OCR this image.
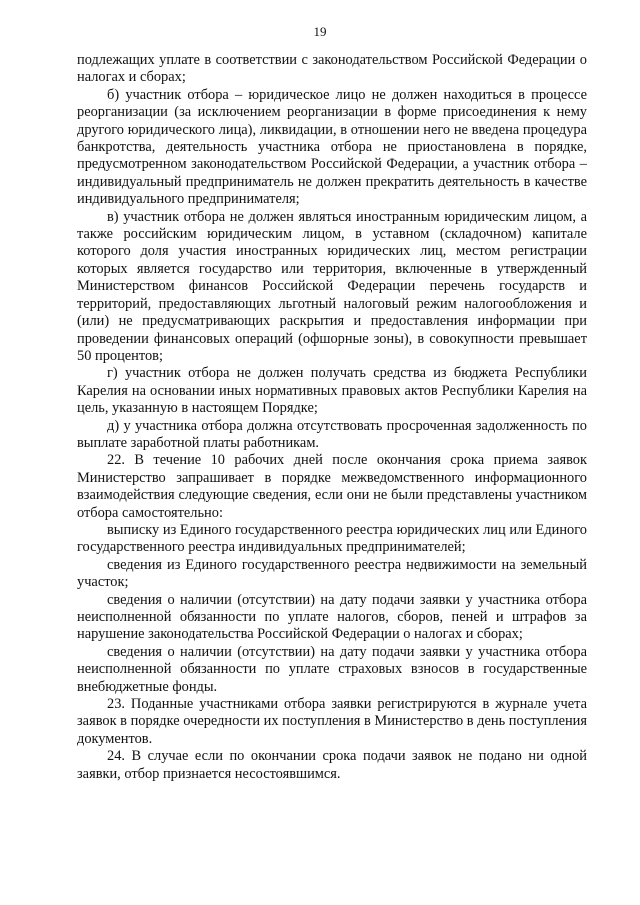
19

подлежащих уплате в соответствии с законодательством Российской Федерации о налогах и сборах;

б) участник отбора – юридическое лицо не должен находиться в процессе реорганизации (за исключением реорганизации в форме присоединения к нему другого юридического лица), ликвидации, в отношении него не введена процедура банкротства, деятельность участника отбора не приостановлена в порядке, предусмотренном законодательством Российской Федерации, а участник отбора – индивидуальный предприниматель не должен прекратить деятельность в качестве индивидуального предпринимателя;

в) участник отбора не должен являться иностранным юридическим лицом, а также российским юридическим лицом, в уставном (складочном) капитале которого доля участия иностранных юридических лиц, местом регистрации которых является государство или территория, включенные в утвержденный Министерством финансов Российской Федерации перечень государств и территорий, предоставляющих льготный налоговый режим налогообложения и (или) не предусматривающих раскрытия и предоставления информации при проведении финансовых операций (офшорные зоны), в совокупности превышает 50 процентов;

г) участник отбора не должен получать средства из бюджета Республики Карелия на основании иных нормативных правовых актов Республики Карелия на цель, указанную в настоящем Порядке;

д) у участника отбора должна отсутствовать просроченная задолженность по выплате заработной платы работникам.

22. В течение 10 рабочих дней после окончания срока приема заявок Министерство запрашивает в порядке межведомственного информационного взаимодействия следующие сведения, если они не были представлены участником отбора самостоятельно:

выписку из Единого государственного реестра юридических лиц или Единого государственного реестра индивидуальных предпринимателей;

сведения из Единого государственного реестра недвижимости на земельный участок;

сведения о наличии (отсутствии) на дату подачи заявки у участника отбора неисполненной обязанности по уплате налогов, сборов, пеней и штрафов за нарушение законодательства Российской Федерации о налогах и сборах;

сведения о наличии (отсутствии) на дату подачи заявки у участника отбора неисполненной обязанности по уплате страховых взносов в государственные внебюджетные фонды.

23. Поданные участниками отбора заявки регистрируются в журнале учета заявок в порядке очередности их поступления в Министерство в день поступления документов.

24. В случае если по окончании срока подачи заявок не подано ни одной заявки, отбор признается несостоявшимся.
